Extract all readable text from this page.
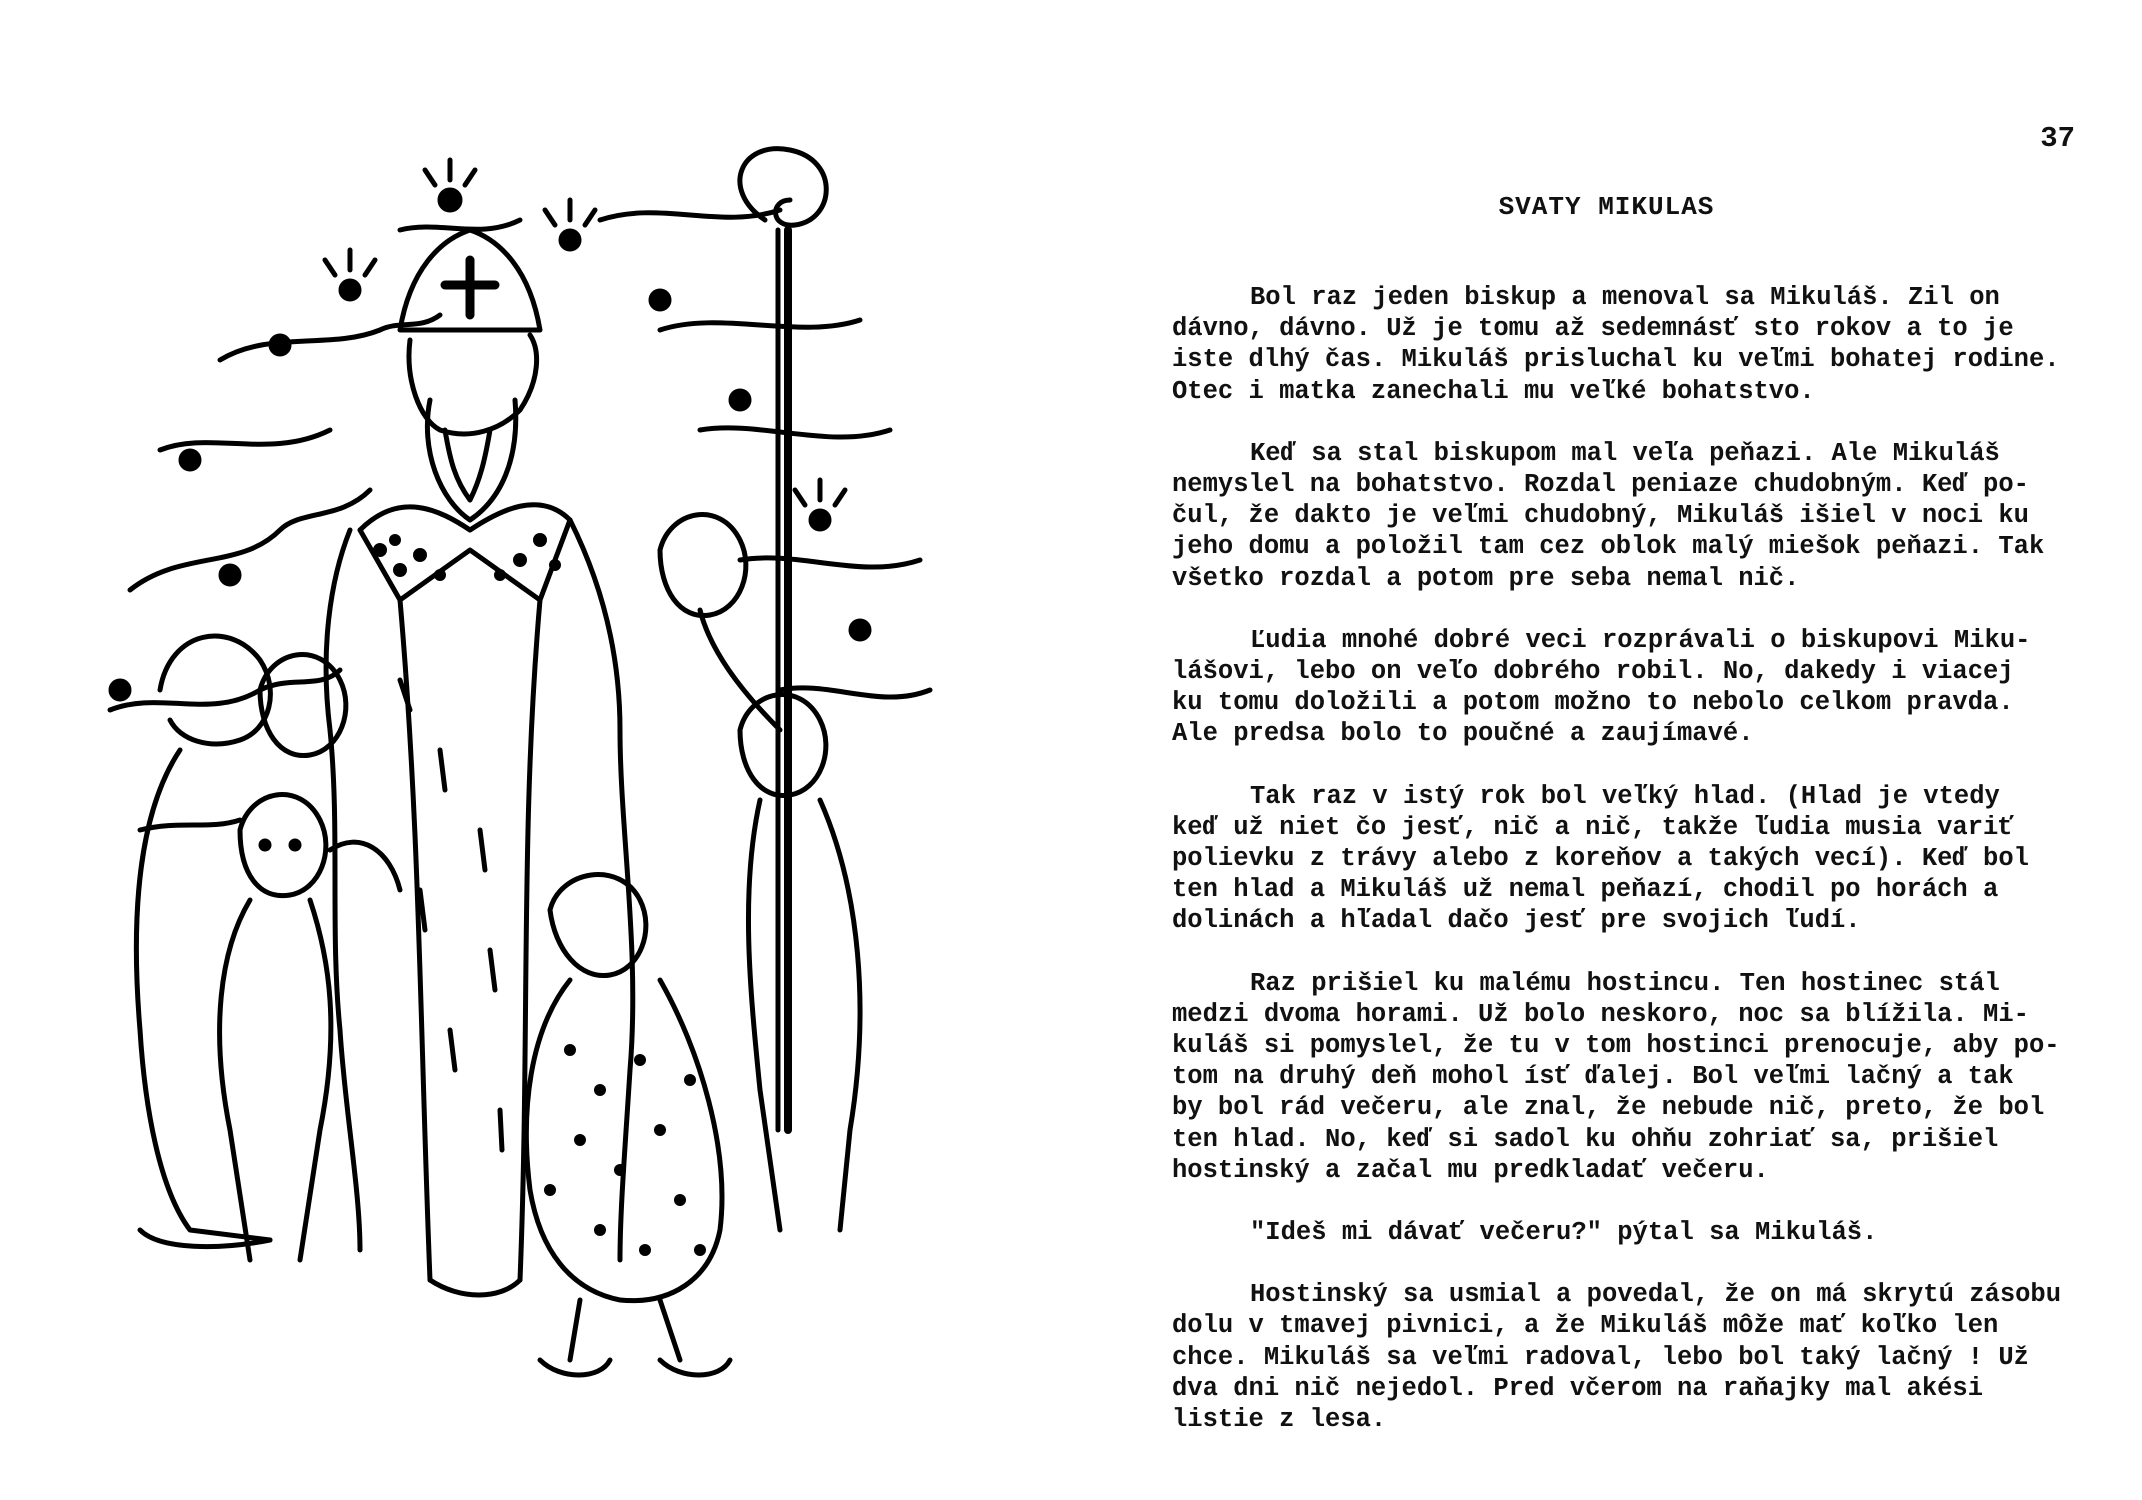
37
SVATY MIKULAS

Bol raz jeden biskup a menoval sa Mikuláš. Zil on
dávno, dávno. Už je tomu až sedemnásť sto rokov a to je
iste dlhý čas. Mikuláš prisluchal ku veľmi bohatej rodine.
Otec i matka zanechali mu veľké bohatstvo.

Keď sa stal biskupom mal veľa peňazi. Ale Mikuláš
nemyslel na bohatstvo. Rozdal peniaze chudobným. Keď po-
čul, že dakto je veľmi chudobný, Mikuláš išiel v noci ku
jeho domu a položil tam cez oblok malý miešok peňazi. Tak
všetko rozdal a potom pre seba nemal nič.

Ľudia mnohé dobré veci rozprávali o biskupovi Miku-
lášovi, lebo on veľo dobrého robil. No, dakedy i viacej
ku tomu doložili a potom možno to nebolo celkom pravda.
Ale predsa bolo to poučné a zaujímavé.

Tak raz v istý rok bol veľký hlad. (Hlad je vtedy
keď už niet čo jesť, nič a nič, takže ľudia musia variť
polievku z trávy alebo z koreňov a takých vecí). Keď bol
ten hlad a Mikuláš už nemal peňazí, chodil po horách a
dolinách a hľadal dačo jesť pre svojich ľudí.

Raz prišiel ku malému hostincu. Ten hostinec stál
medzi dvoma horami. Už bolo neskoro, noc sa blížila. Mi-
kuláš si pomyslel, že tu v tom hostinci prenocuje, aby po-
tom na druhý deň mohol ísť ďalej. Bol veľmi lačný a tak
by bol rád večeru, ale znal, že nebude nič, preto, že bol
ten hlad. No, keď si sadol ku ohňu zohriať sa, prišiel
hostinský a začal mu predkladať večeru.

"Ideš mi dávať večeru?" pýtal sa Mikuláš.

Hostinský sa usmial a povedal, že on má skrytú zásobu
dolu v tmavej pivnici, a že Mikuláš môže mať koľko len
chce. Mikuláš sa veľmi radoval, lebo bol taký lačný ! Už
dva dni nič nejedol. Pred včerom na raňajky mal akési
listie z lesa.
